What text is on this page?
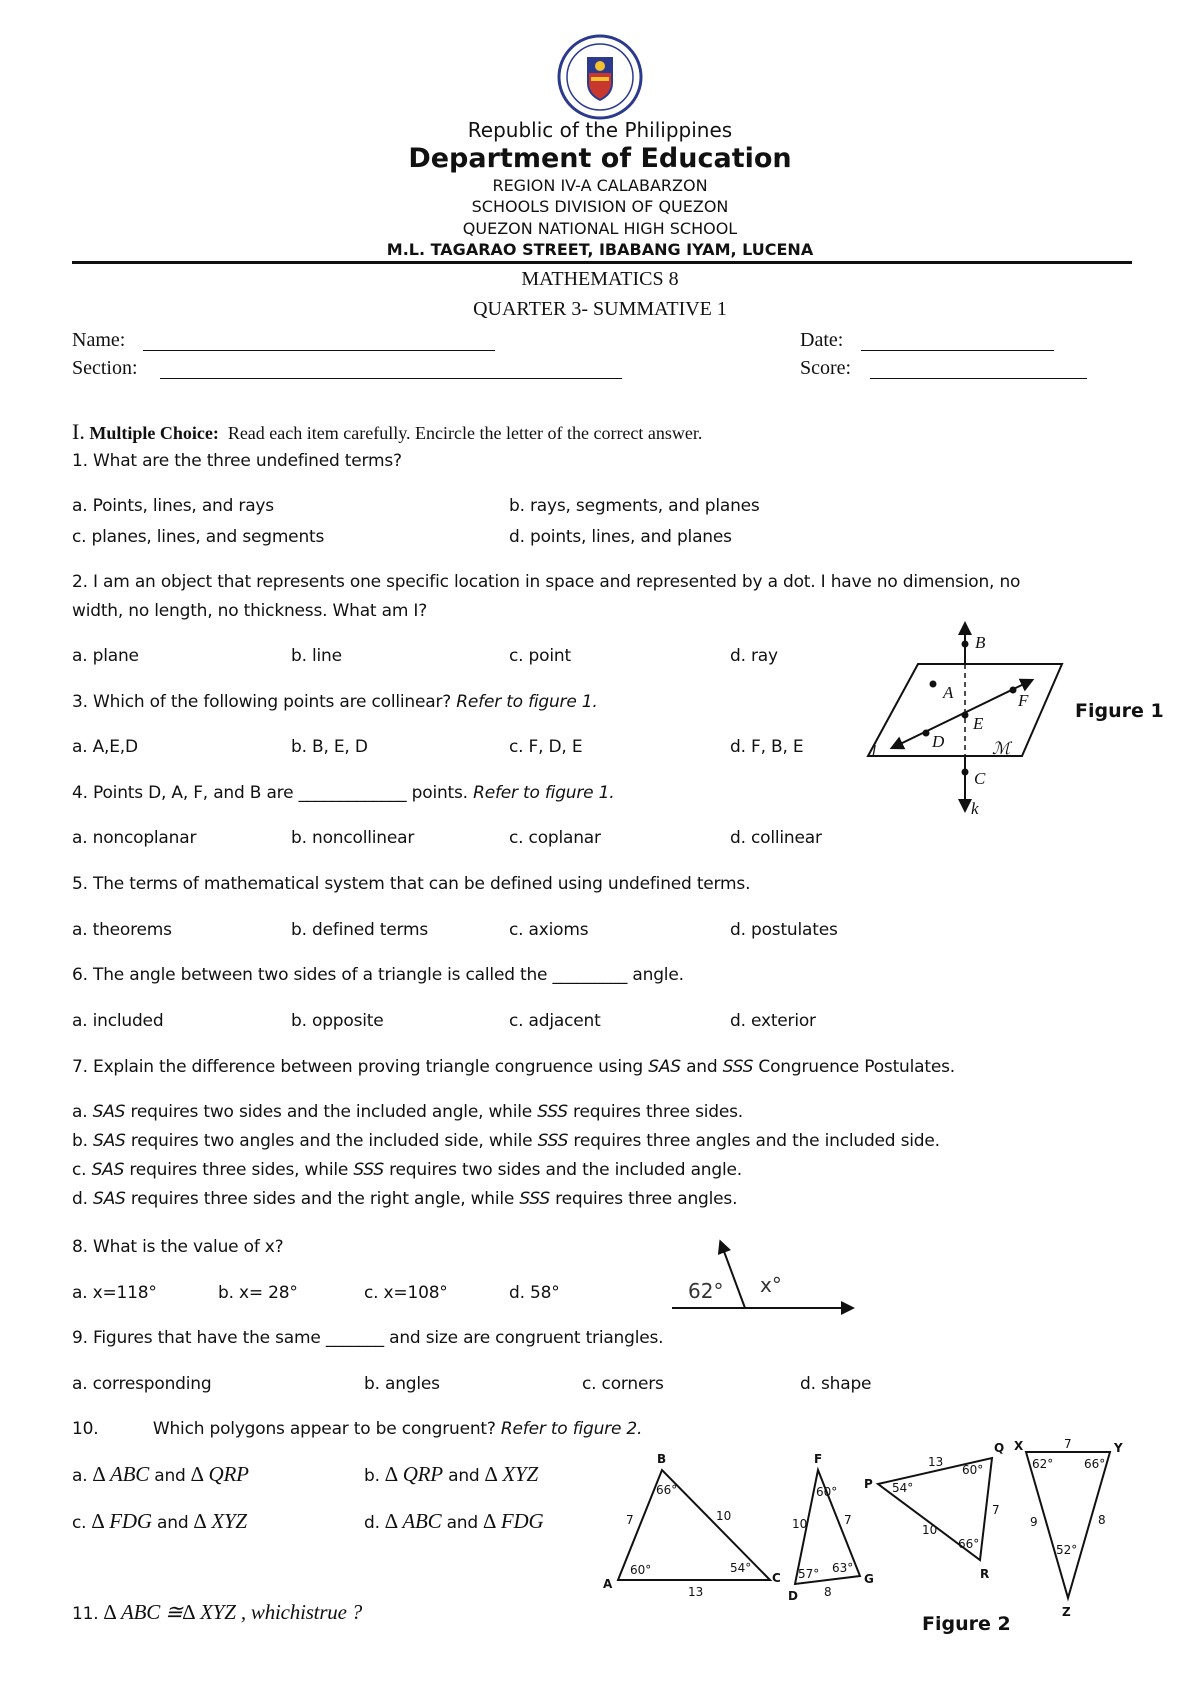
Republic of the Philippines
Department of Education
REGION IV-A CALABARZON
SCHOOLS DIVISION OF QUEZON
QUEZON NATIONAL HIGH SCHOOL
M.L. TAGARAO STREET, IBABANG IYAM, LUCENA
MATHEMATICS 8
QUARTER 3- SUMMATIVE 1
Name:
Section:
Date:
Score:
I. Multiple Choice: Read each item carefully. Encircle the letter of the correct answer.
1. What are the three undefined terms?
a. Points, lines, and rays	b. rays, segments, and planes
c. planes, lines, and segments	d. points, lines, and planes
2. I am an object that represents one specific location in space and represented by a dot. I have no dimension, no
width, no length, no thickness. What am I?
a. plane	b. line	c. point	d. ray
3. Which of the following points are collinear? Refer to figure 1.
a. A,E,D	b. B, E, D	c. F, D, E	d. F, B, E
4. Points D, A, F, and B are _____________ points. Refer to figure 1.
a. noncoplanar	b. noncollinear	c. coplanar	d. collinear
5. The terms of mathematical system that can be defined using undefined terms.
a. theorems	b. defined terms	c. axioms	d. postulates
6. The angle between two sides of a triangle is called the _________ angle.
a. included	b. opposite	c. adjacent	d. exterior
7. Explain the difference between proving triangle congruence using SAS and SSS Congruence Postulates.
a. SAS requires two sides and the included angle, while SSS requires three sides.
b. SAS requires two angles and the included side, while SSS requires three angles and the included side.
c. SAS requires three sides, while SSS requires two sides and the included angle.
d. SAS requires three sides and the right angle, while SSS requires three angles.
8. What is the value of x?
a. x=118°	b. x= 28°	c. x=108°	d. 58°
9. Figures that have the same _______ and size are congruent triangles.
a. corresponding	b. angles	c. corners	d. shape
10.	Which polygons appear to be congruent? Refer to figure 2.
a. ∆ ABC and ∆ QRP	b. ∆ QRP and ∆ XYZ
c. ∆ FDG and ∆ XYZ	d. ∆ ABC and ∆ FDG
11. ∆ ABC ≅∆ XYZ , whichistrue ?
B
A	F
E
D	ℳ
j
C
k
Figure 1
62° x°
A
B
C
7	10
13
60°
66°
54°
F
D
G
10	7
8
60°
57° 63°
P
Q
R
13
7
10
54°
60°
66°
X	Y
Z
7
9	8
62°	66°
52°
Figure 2
